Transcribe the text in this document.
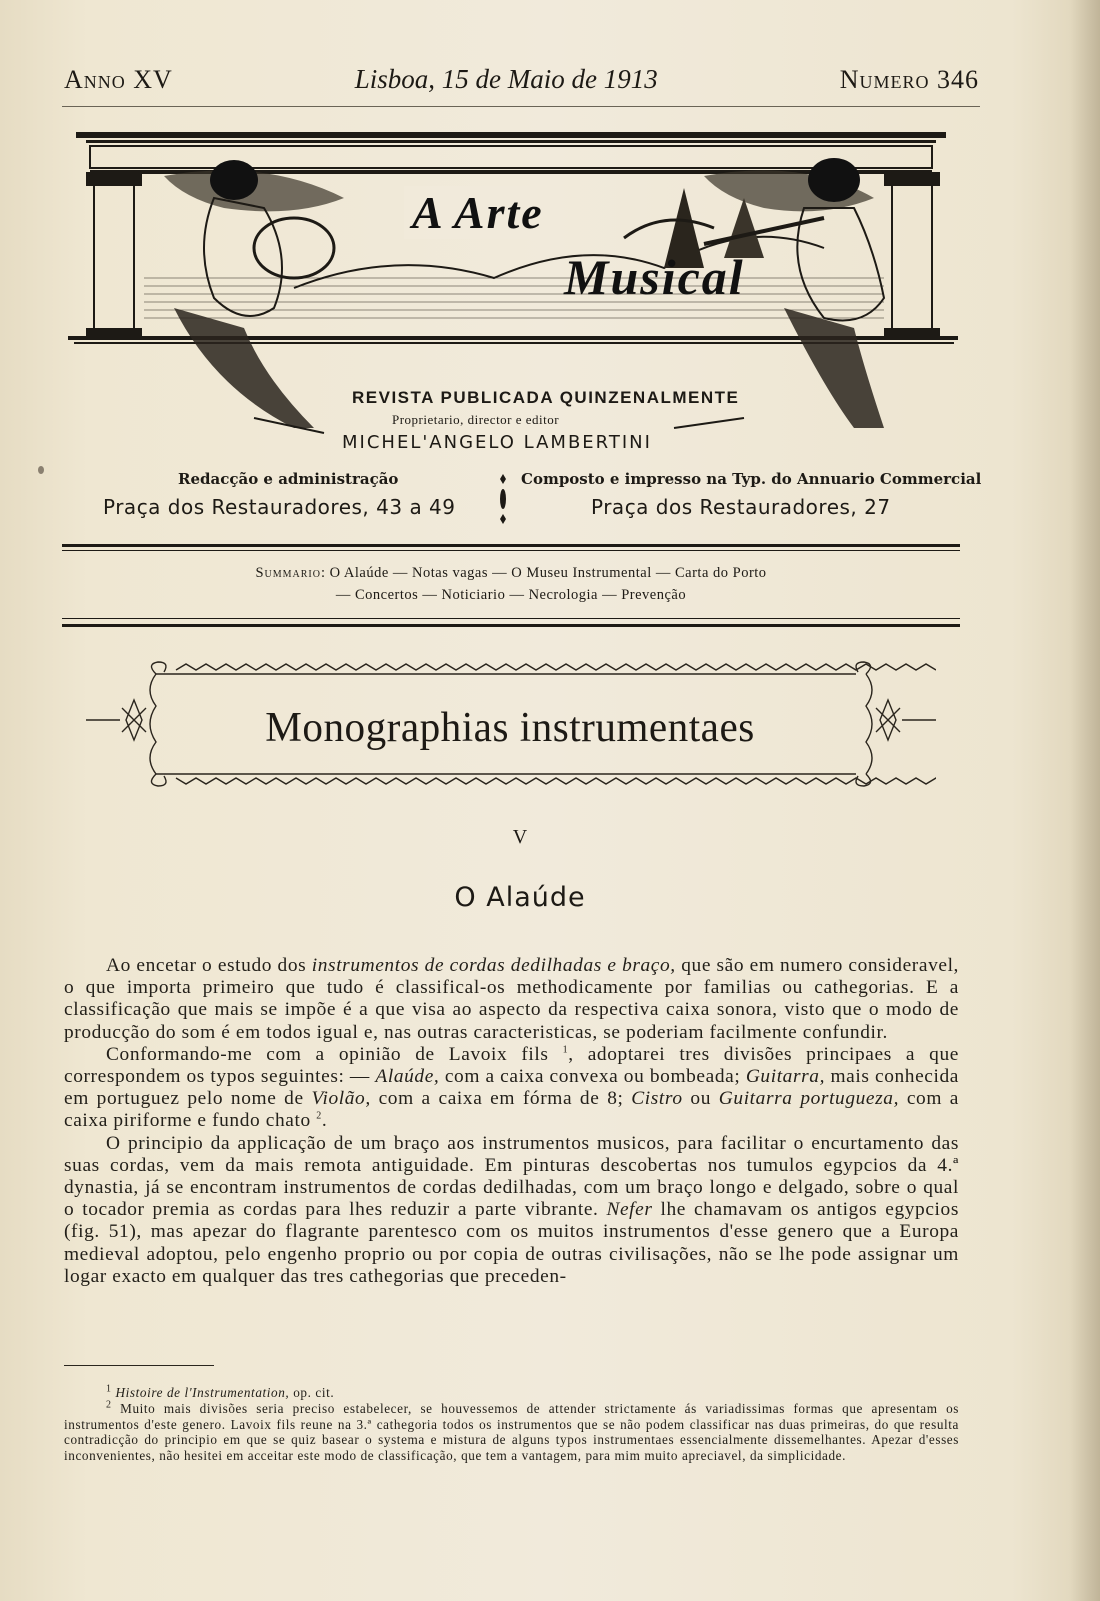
Anno XV	Lisboa, 15 de Maio de 1913	Numero 346
A Arte
Musical
REVISTA PUBLICADA QUINZENALMENTE
Proprietario, director e editor
MICHEL'ANGELO LAMBERTINI
Redacção e administração
Praça dos Restauradores, 43 a 49
Composto e impresso na Typ. do Annuario Commercial
Praça dos Restauradores, 27
Summario: O Alaúde — Notas vagas — O Museu Instrumental — Carta do Porto
— Concertos — Noticiario — Necrologia — Prevenção
Monographias instrumentaes
V
O Alaúde

Ao encetar o estudo dos instrumentos de cordas dedilhadas e braço, que são em numero consideravel, o que importa primeiro que tudo é classifical-os methodicamente por familias ou cathegorias. E a classificação que mais se impõe é a que visa ao aspecto da respectiva caixa sonora, visto que o modo de producção do som é em todos igual e, nas outras caracteristicas, se poderiam facilmente confundir.

Conformando-me com a opinião de Lavoix fils $^1$, adoptarei tres divisões principaes a que correspondem os typos seguintes: — Alaúde, com a caixa convexa ou bombeada; Guitarra, mais conhecida em portuguez pelo nome de Violão, com a caixa em fórma de 8; Cistro ou Guitarra portugueza, com a caixa piriforme e fundo chato $^2$.

O principio da applicação de um braço aos instrumentos musicos, para facilitar o encurtamento das suas cordas, vem da mais remota antiguidade. Em pinturas descobertas nos tumulos egypcios da 4.ª dynastia, já se encontram instrumentos de cordas dedilhadas, com um braço longo e delgado, sobre o qual o tocador premia as cordas para lhes reduzir a parte vibrante. Nefer lhe chamavam os antigos egypcios (fig. 51), mas apezar do flagrante parentesco com os muitos instrumentos d'esse genero que a Europa medieval adoptou, pelo engenho proprio ou por copia de outras civilisações, não se lhe pode assignar um logar exacto em qualquer das tres cathegorias que preceden-

$^1$ Histoire de l'Instrumentation, op. cit.

$^2$ Muito mais divisões seria preciso estabelecer, se houvessemos de attender strictamente ás variadissimas formas que apresentam os instrumentos d'este genero. Lavoix fils reune na 3.ª cathegoria todos os instrumentos que se não podem classificar nas duas primeiras, do que resulta contradicção do principio em que se quiz basear o systema e mistura de alguns typos instrumentaes essencialmente dissemelhantes. Apezar d'esses inconvenientes, não hesitei em acceitar este modo de classificação, que tem a vantagem, para mim muito apreciavel, da simplicidade.
